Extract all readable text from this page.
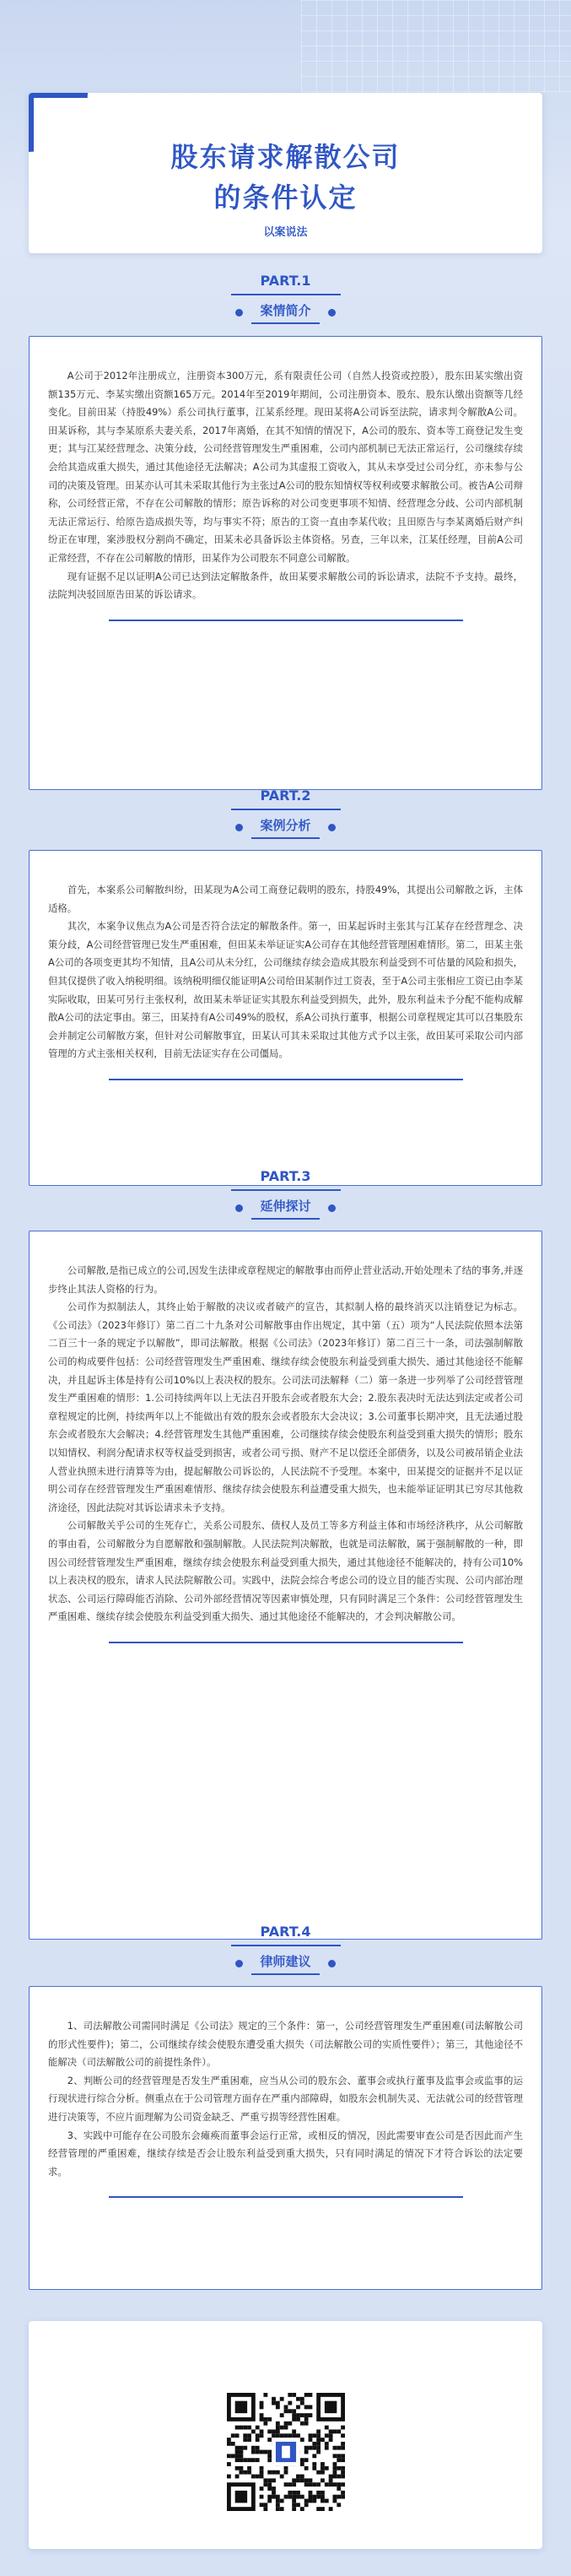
股东请求解散公司
的条件认定
以案说法
PART.1
案情简介

A公司于2012年注册成立，注册资本300万元，系有限责任公司（自然人投资或控股），股东田某实缴出资额135万元、李某实缴出资额165万元。2014年至2019年期间，公司注册资本、股东、股东认缴出资额等几经变化。目前田某（持股49%）系公司执行董事，江某系经理。现田某将A公司诉至法院，请求判令解散A公司。田某诉称，其与李某原系夫妻关系，2017年离婚，在其不知情的情况下，A公司的股东、资本等工商登记发生变更；其与江某经营理念、决策分歧，公司经营管理发生严重困难，公司内部机制已无法正常运行，公司继续存续会给其造成重大损失，通过其他途径无法解决；A公司为其虚报工资收入，其从未享受过公司分红，亦未参与公司的决策及管理。田某亦认可其未采取其他行为主张过A公司的股东知情权等权利或要求解散公司。被告A公司辩称，公司经营正常，不存在公司解散的情形；原告诉称的对公司变更事项不知情、经营理念分歧、公司内部机制无法正常运行、给原告造成损失等，均与事实不符；原告的工资一直由李某代收；且田原告与李某离婚后财产纠纷正在审理，案涉股权分割尚不确定，田某未必具备诉讼主体资格。另查，三年以来，江某任经理，目前A公司正常经营，不存在公司解散的情形，田某作为公司股东不同意公司解散。

现有证据不足以证明A公司已达到法定解散条件，故田某要求解散公司的诉讼请求，法院不予支持。最终，法院判决驳回原告田某的诉讼请求。

PART.2
案例分析

首先，本案系公司解散纠纷，田某现为A公司工商登记载明的股东，持股49%，其提出公司解散之诉，主体适格。

其次，本案争议焦点为A公司是否符合法定的解散条件。第一，田某起诉时主张其与江某存在经营理念、决策分歧，A公司经营管理已发生严重困难，但田某未举证证实A公司存在其他经营管理困难情形。第二，田某主张A公司的各项变更其均不知情，且A公司从未分红，公司继续存续会造成其股东利益受到不可估量的风险和损失，但其仅提供了收入纳税明细。该纳税明细仅能证明A公司给田某制作过工资表，至于A公司主张相应工资已由李某实际收取，田某可另行主张权利，故田某未举证证实其股东利益受到损失，此外，股东利益未予分配不能构成解散A公司的法定事由。第三，田某持有A公司49%的股权，系A公司执行董事，根据公司章程规定其可以召集股东会并制定公司解散方案，但针对公司解散事宜，田某认可其未采取过其他方式予以主张，故田某可采取公司内部管理的方式主张相关权利，目前无法证实存在公司僵局。

PART.3
延伸探讨

公司解散,是指已成立的公司,因发生法律或章程规定的解散事由而停止营业活动,开始处理未了结的事务,并逐步终止其法人资格的行为。

公司作为拟制法人，其终止始于解散的决议或者破产的宣告，其拟制人格的最终消灭以注销登记为标志。《公司法》（2023年修订）第二百二十九条对公司解散事由作出规定，其中第（五）项为“人民法院依照本法第二百三十一条的规定予以解散”，即司法解散。根据《公司法》（2023年修订）第二百三十一条，司法强制解散公司的构成要件包括：公司经营管理发生严重困难、继续存续会使股东利益受到重大损失、通过其他途径不能解决，并且起诉主体是持有公司10%以上表决权的股东。公司法司法解释（二）第一条进一步列举了公司经营管理发生严重困难的情形：1.公司持续两年以上无法召开股东会或者股东大会；2.股东表决时无法达到法定或者公司章程规定的比例，持续两年以上不能做出有效的股东会或者股东大会决议；3.公司董事长期冲突，且无法通过股东会或者股东大会解决；4.经营管理发生其他严重困难，公司继续存续会使股东利益受到重大损失的情形；股东以知情权、利润分配请求权等权益受到损害，或者公司亏损、财产不足以偿还全部债务，以及公司被吊销企业法人营业执照未进行清算等为由，提起解散公司诉讼的，人民法院不予受理。本案中，田某提交的证据并不足以证明公司存在经营管理发生严重困难情形、继续存续会使股东利益遭受重大损失，也未能举证证明其已穷尽其他救济途径，因此法院对其诉讼请求未予支持。

公司解散关乎公司的生死存亡，关系公司股东、债权人及员工等多方利益主体和市场经济秩序，从公司解散的事由看，公司解散分为自愿解散和强制解散。人民法院判决解散，也就是司法解散，属于强制解散的一种，即因公司经营管理发生严重困难，继续存续会使股东利益受到重大损失，通过其他途径不能解决的，持有公司10%以上表决权的股东，请求人民法院解散公司。实践中，法院会综合考虑公司的设立目的能否实现、公司内部治理状态、公司运行障碍能否消除、公司外部经营情况等因素审慎处理，只有同时满足三个条件：公司经营管理发生严重困难、继续存续会使股东利益受到重大损失、通过其他途径不能解决的，才会判决解散公司。

PART.4
律师建议

1、司法解散公司需同时满足《公司法》规定的三个条件：第一，公司经营管理发生严重困难(司法解散公司的形式性要件)；第二，公司继续存续会使股东遭受重大损失（司法解散公司的实质性要件）；第三，其他途径不能解决（司法解散公司的前提性条件）。

2、判断公司的经营管理是否发生严重困难，应当从公司的股东会、董事会或执行董事及监事会或监事的运行现状进行综合分析。侧重点在于公司管理方面存在严重内部障碍，如股东会机制失灵、无法就公司的经营管理进行决策等，不应片面理解为公司资金缺乏、严重亏损等经营性困难。

3、实践中可能存在公司股东会瘫痪而董事会运行正常，或相反的情况，因此需要审查公司是否因此而产生经营管理的严重困难，继续存续是否会让股东利益受到重大损失，只有同时满足的情况下才符合诉讼的法定要求。
